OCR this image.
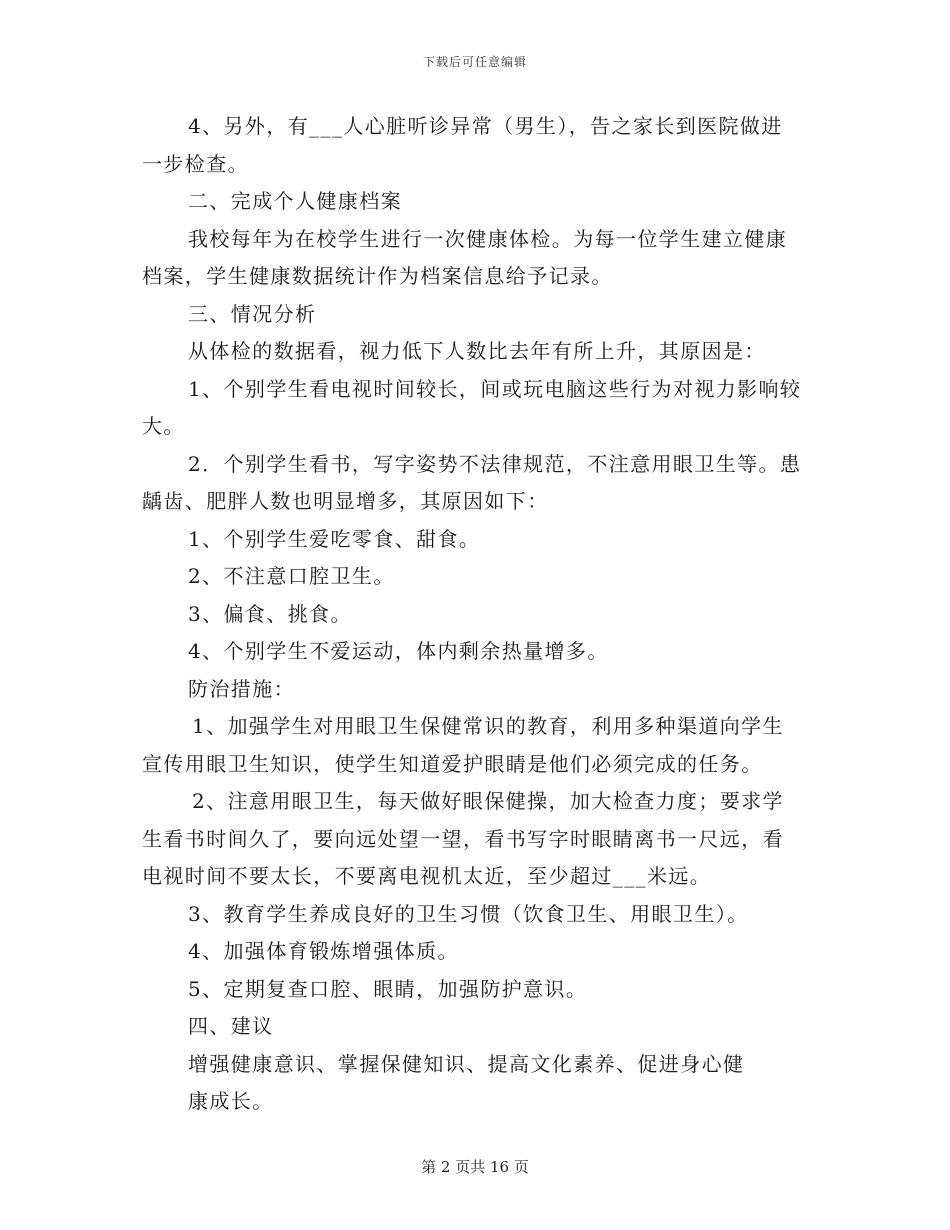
下载后可任意编辑
4、另外，有___人心脏听诊异常（男生），告之家长到医院做进
一步检查。
二、完成个人健康档案
我校每年为在校学生进行一次健康体检。为每一位学生建立健康
档案，学生健康数据统计作为档案信息给予记录。
三、情况分析
从体检的数据看，视力低下人数比去年有所上升，其原因是：
1、个别学生看电视时间较长，间或玩电脑这些行为对视力影响较
大。
2．个别学生看书，写字姿势不法律规范，不注意用眼卫生等。患
龋齿、肥胖人数也明显增多，其原因如下：
1、个别学生爱吃零食、甜食。
2、不注意口腔卫生。
3、偏食、挑食。
4、个别学生不爱运动，体内剩余热量增多。
防治措施：
1、加强学生对用眼卫生保健常识的教育，利用多种渠道向学生
宣传用眼卫生知识，使学生知道爱护眼睛是他们必须完成的任务。
2、注意用眼卫生，每天做好眼保健操，加大检查力度；要求学
生看书时间久了，要向远处望一望，看书写字时眼睛离书一尺远，看
电视时间不要太长，不要离电视机太近，至少超过___米远。
3、教育学生养成良好的卫生习惯（饮食卫生、用眼卫生）。
4、加强体育锻炼增强体质。
5、定期复查口腔、眼睛，加强防护意识。
四、建议
增强健康意识、掌握保健知识、提高文化素养、促进身心健
康成长。
第 2 页共 16 页
